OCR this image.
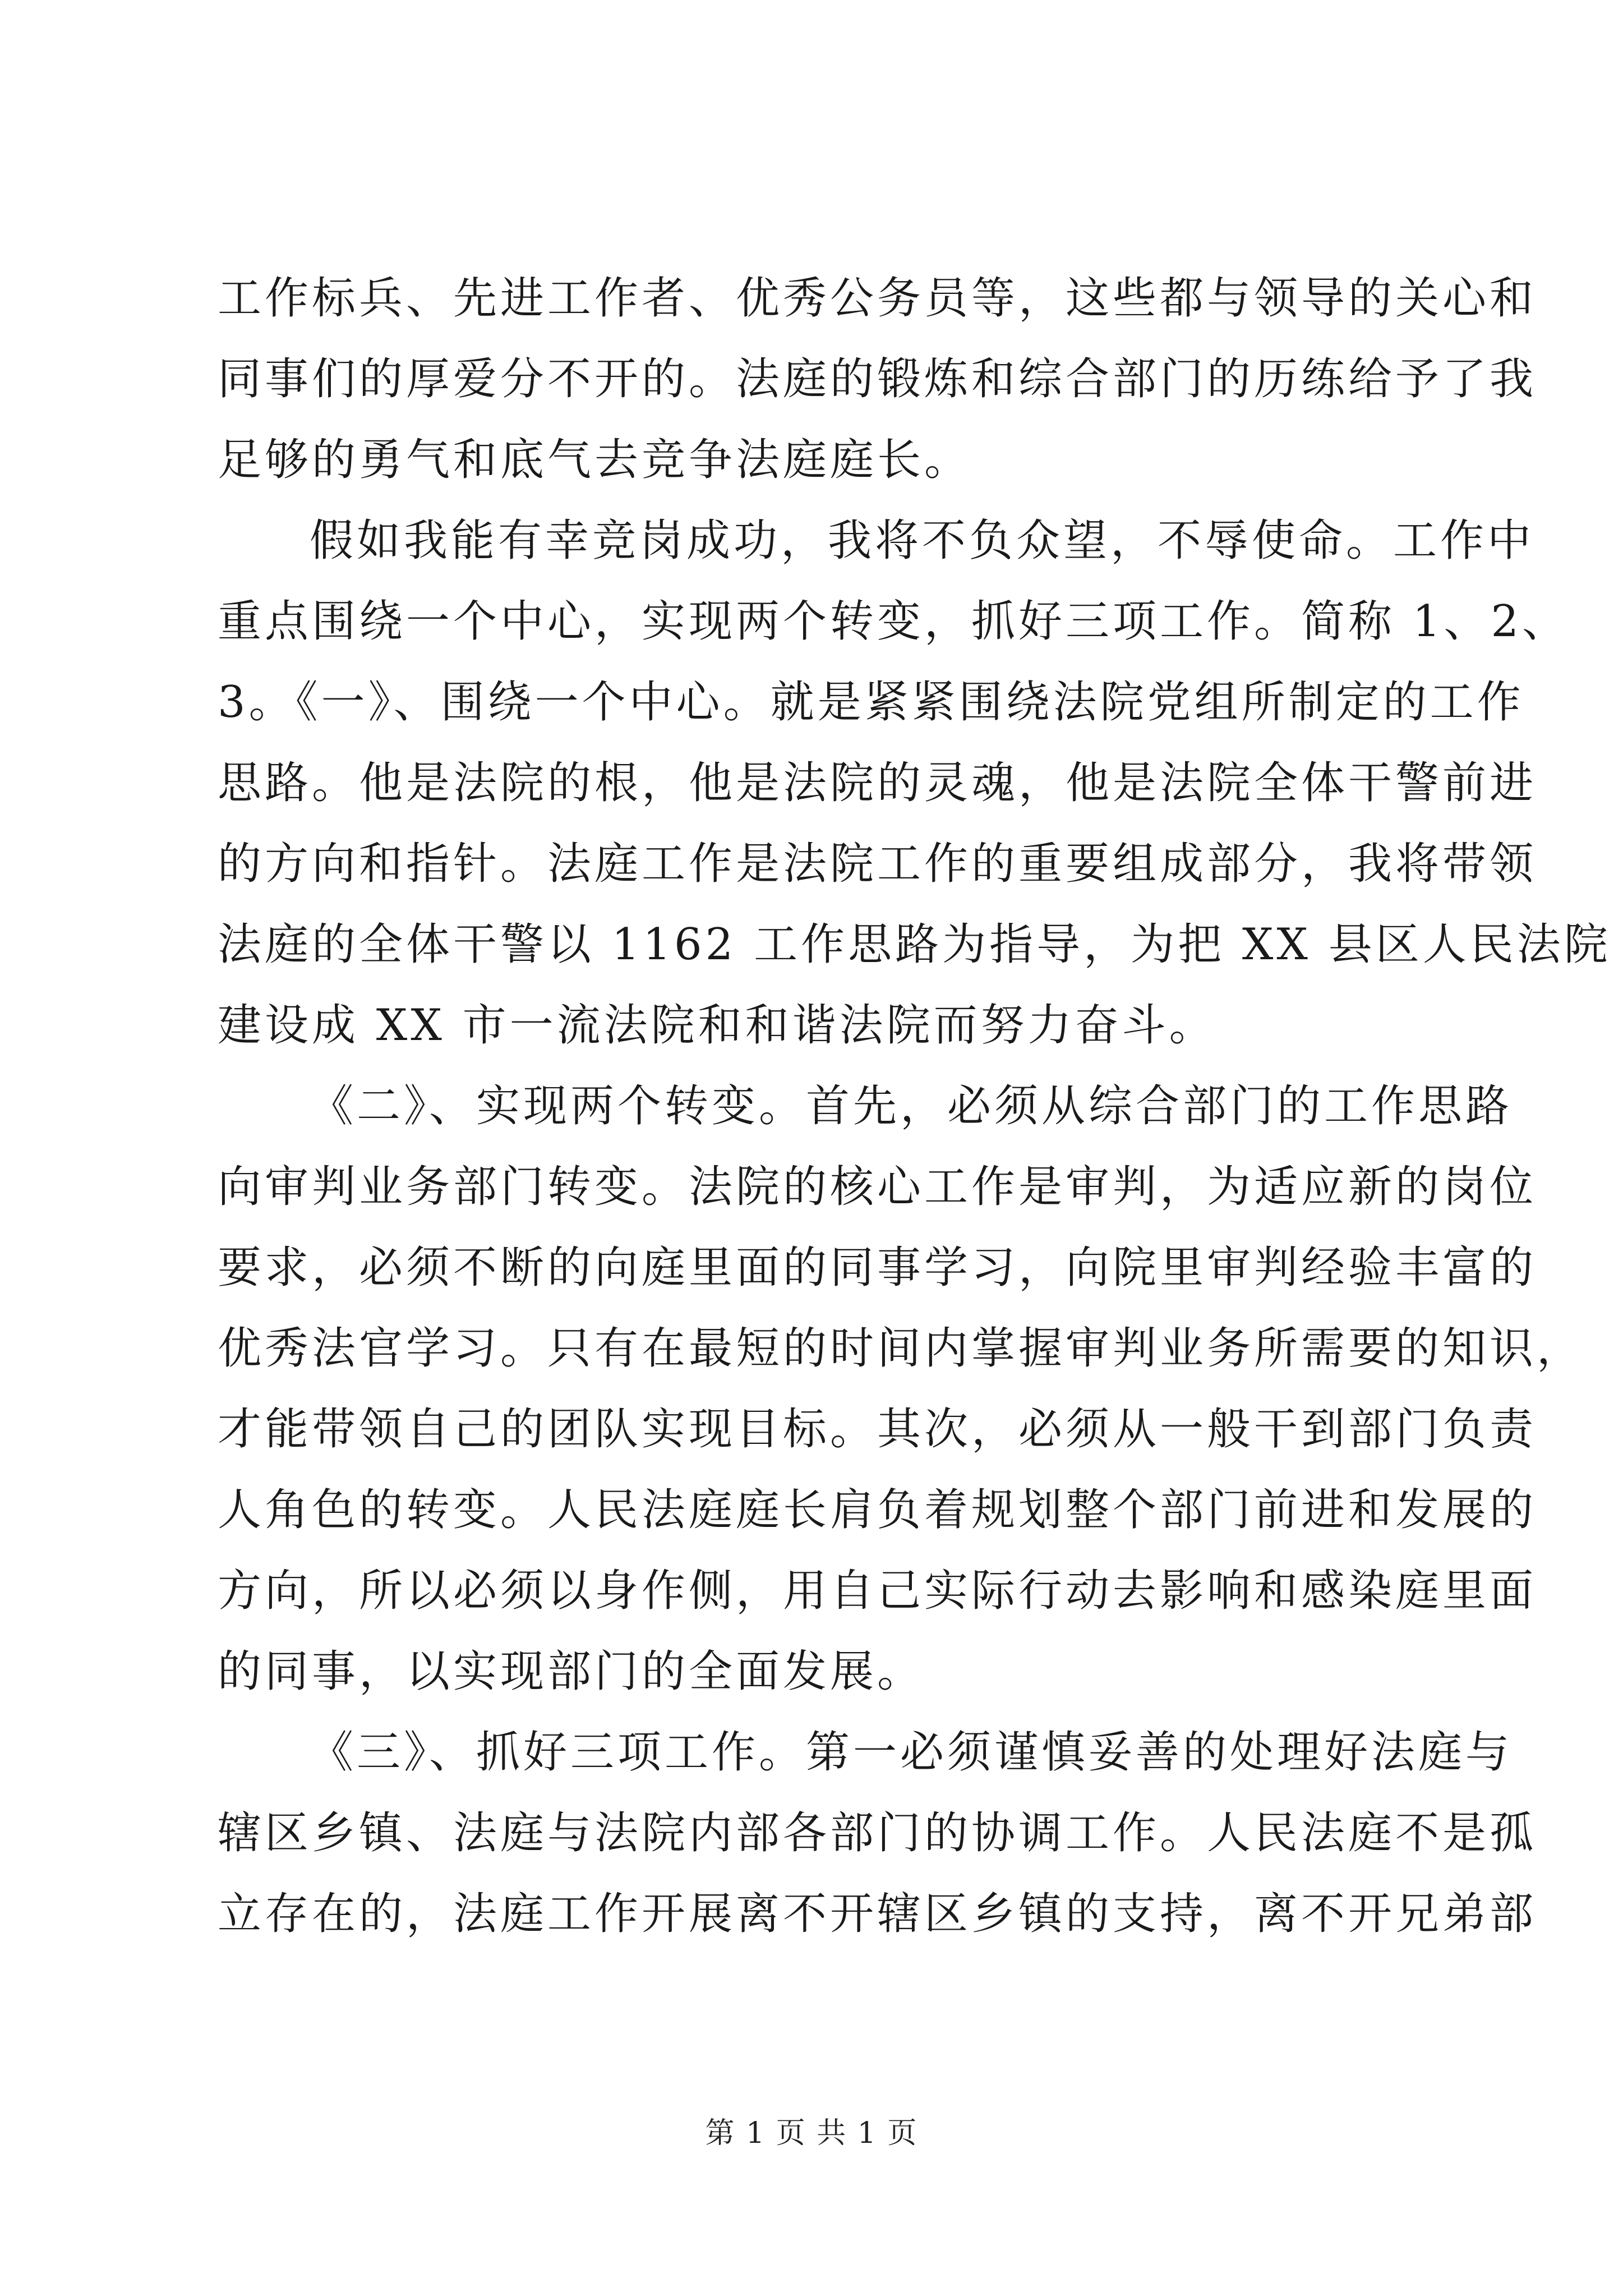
工作标兵、先进工作者、优秀公务员等，这些都与领导的关心和
同事们的厚爱分不开的。法庭的锻炼和综合部门的历练给予了我
足够的勇气和底气去竞争法庭庭长。
假如我能有幸竞岗成功，我将不负众望，不辱使命。工作中
重点围绕一个中心，实现两个转变，抓好三项工作。简称 1、2、
3。《一》、围绕一个中心。就是紧紧围绕法院党组所制定的工作
思路。他是法院的根，他是法院的灵魂，他是法院全体干警前进
的方向和指针。法庭工作是法院工作的重要组成部分，我将带领
法庭的全体干警以 1162 工作思路为指导，为把 XX 县区人民法院
建设成 XX 市一流法院和和谐法院而努力奋斗。
《二》、实现两个转变。首先，必须从综合部门的工作思路
向审判业务部门转变。法院的核心工作是审判，为适应新的岗位
要求，必须不断的向庭里面的同事学习，向院里审判经验丰富的
优秀法官学习。只有在最短的时间内掌握审判业务所需要的知识，
才能带领自己的团队实现目标。其次，必须从一般干到部门负责
人角色的转变。人民法庭庭长肩负着规划整个部门前进和发展的
方向，所以必须以身作侧，用自己实际行动去影响和感染庭里面
的同事，以实现部门的全面发展。
《三》、抓好三项工作。第一必须谨慎妥善的处理好法庭与
辖区乡镇、法庭与法院内部各部门的协调工作。人民法庭不是孤
立存在的，法庭工作开展离不开辖区乡镇的支持，离不开兄弟部
第 1 页 共 1 页
